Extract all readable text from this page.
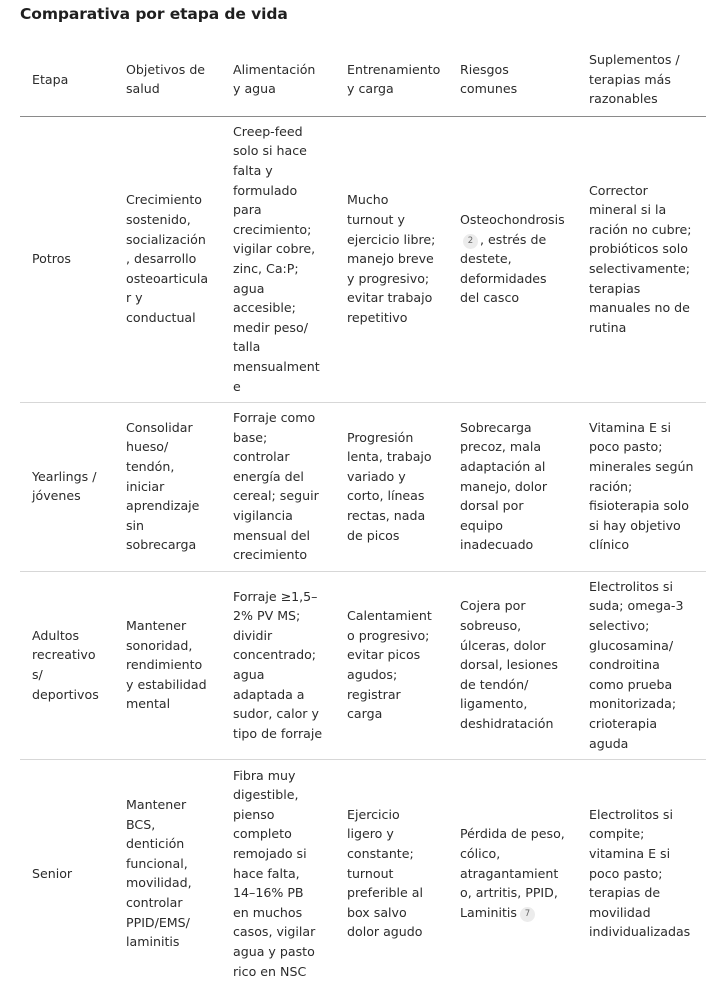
Comparativa por etapa de vida
Etapa	Objetivos de salud	Alimentación y agua	Entrenamiento y carga	Riesgos comunes	Suplementos / terapias más razonables
Potros	Crecimiento sostenido, socialización, desarrollo osteoarticular y conductual	Creep-feed solo si hace falta y formulado para crecimiento; vigilar cobre, zinc, Ca:P; agua accesible; medir peso/ talla mensualmente	Mucho turnout y ejercicio libre; manejo breve y progresivo; evitar trabajo repetitivo	Osteochondrosis2 , estrés de destete, deformidades del casco	Corrector mineral si la ración no cubre; probióticos solo selectivamente; terapias manuales no de rutina
Yearlings / jóvenes	Consolidar hueso/ tendón, iniciar aprendizaje sin sobrecarga	Forraje como base; controlar energía del cereal; seguir vigilancia mensual del crecimiento	Progresión lenta, trabajo variado y corto, líneas rectas, nada de picos	Sobrecarga precoz, mala adaptación al manejo, dolor dorsal por equipo inadecuado	Vitamina E si poco pasto; minerales según ración; fisioterapia solo si hay objetivo clínico
Adultos recreativos/ deportivos	Mantener sonoridad, rendimiento y estabilidad mental	Forraje ≥1,5–2% PV MS; dividir concentrado; agua adaptada a sudor, calor y tipo de forraje	Calentamiento progresivo; evitar picos agudos; registrar carga	Cojera por sobreuso, úlceras, dolor dorsal, lesiones de tendón/ ligamento, deshidratación	Electrolitos si suda; omega-3 selectivo; glucosamina/ condroitina como prueba monitorizada; crioterapia aguda
Senior	Mantener BCS, dentición funcional, movilidad, controlar PPID/EMS/ laminitis	Fibra muy digestible, pienso completo remojado si hace falta, 14–16% PB en muchos casos, vigilar agua y pasto rico en NSC	Ejercicio ligero y constante; turnout preferible al box salvo dolor agudo	Pérdida de peso, cólico, atragantamiento, artritis, PPID, Laminitis 7	Electrolitos si compite; vitamina E si poco pasto; terapias de movilidad individualizadas
